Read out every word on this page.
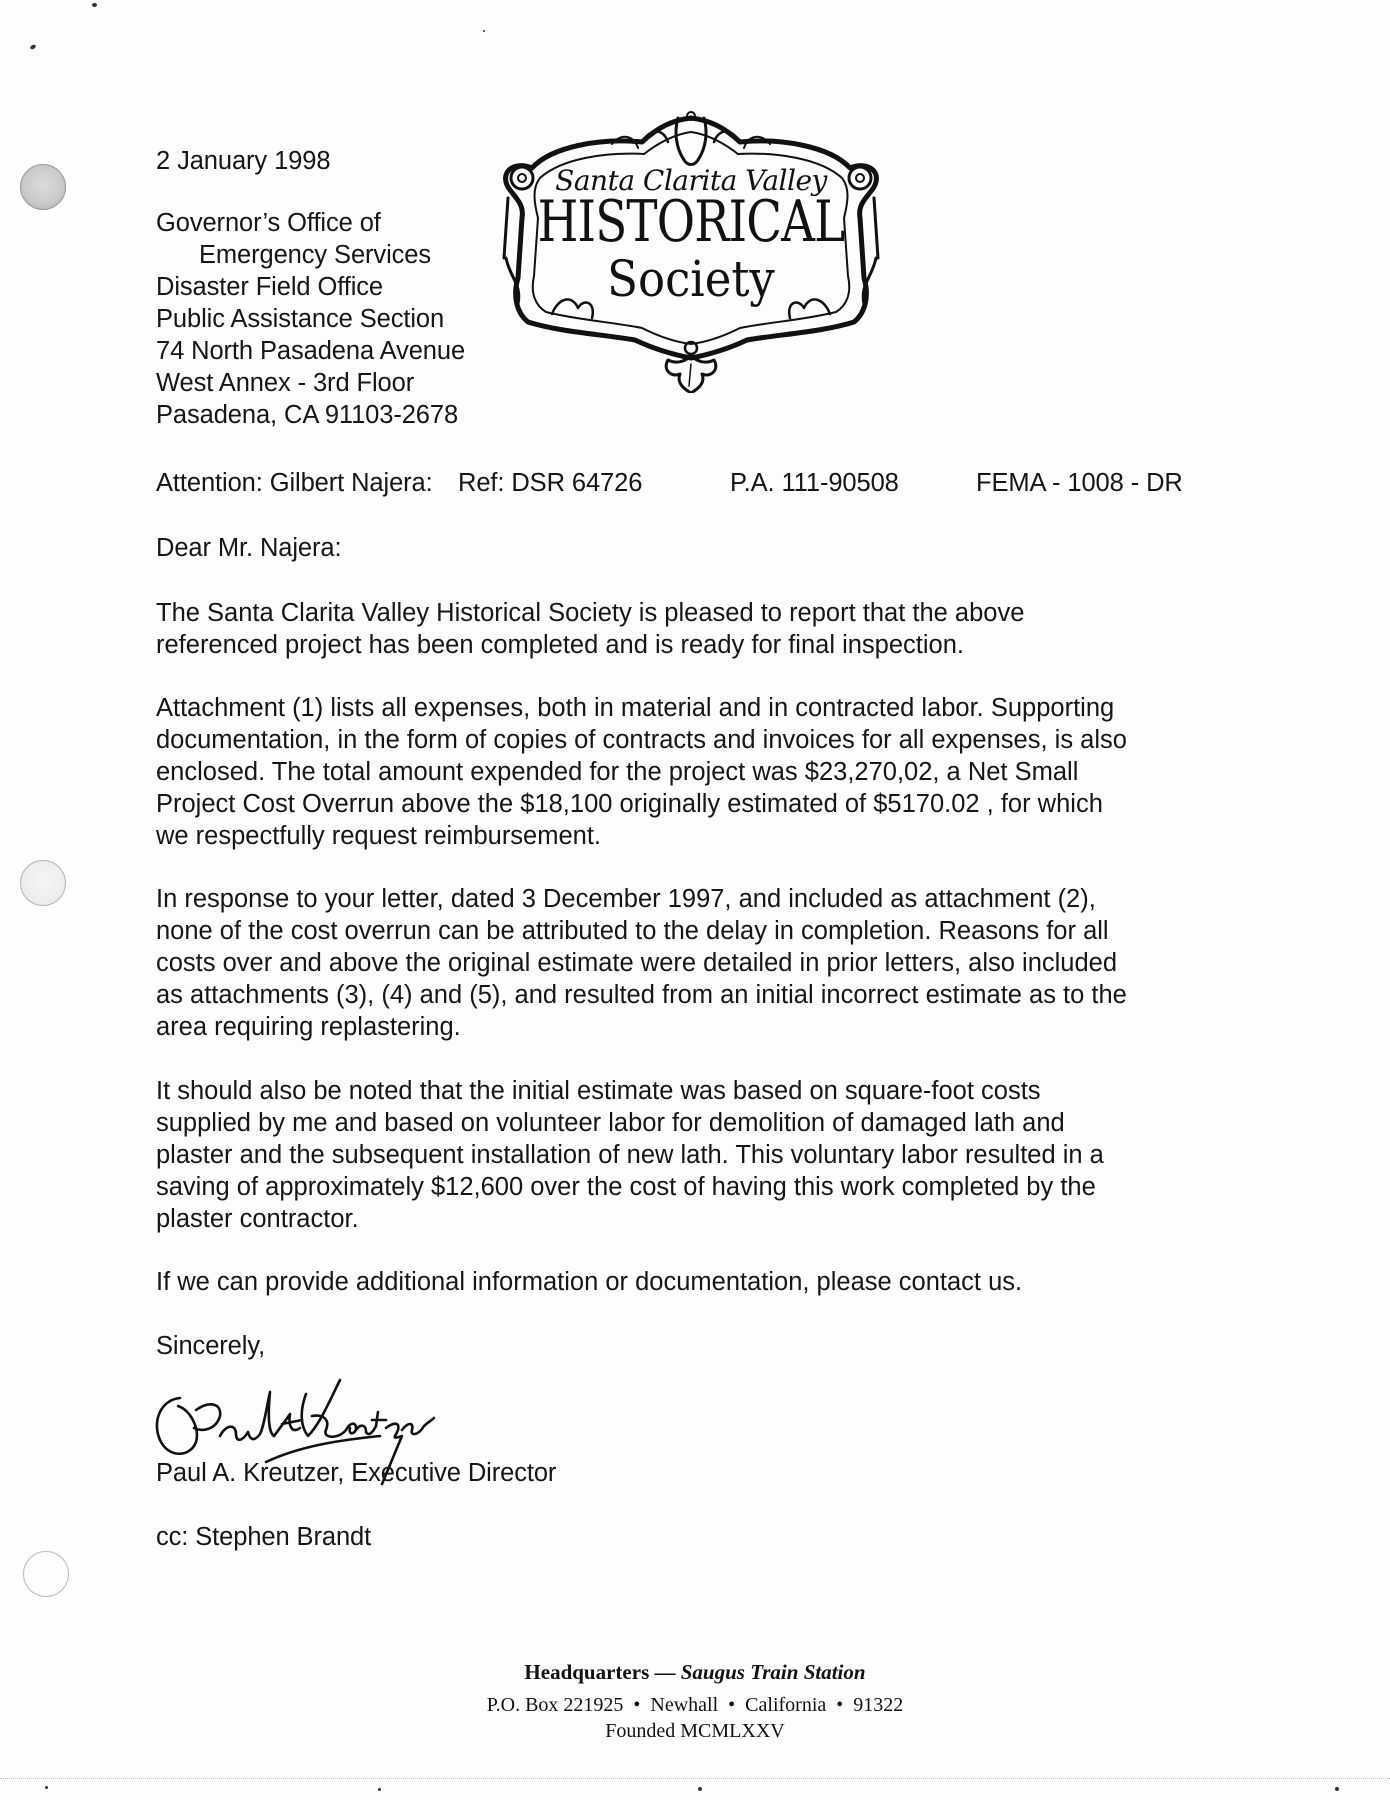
2 January 1998
Governor’s Office of
Emergency Services
Disaster Field Office
Public Assistance Section
74 North Pasadena Avenue
West Annex - 3rd Floor
Pasadena, CA 91103-2678
Santa Clarita Valley
HISTORICAL
Society
Attention: Gilbert Najera: Ref: DSR 64726	P.A. 111-90508	FEMA - 1008 - DR
Dear Mr. Najera:
The Santa Clarita Valley Historical Society is pleased to report that the above
referenced project has been completed and is ready for final inspection.
Attachment (1) lists all expenses, both in material and in contracted labor. Supporting
documentation, in the form of copies of contracts and invoices for all expenses, is also
enclosed. The total amount expended for the project was $23,270,02, a Net Small
Project Cost Overrun above the $18,100 originally estimated of $5170.02 , for which
we respectfully request reimbursement.
In response to your letter, dated 3 December 1997, and included as attachment (2),
none of the cost overrun can be attributed to the delay in completion. Reasons for all
costs over and above the original estimate were detailed in prior letters, also included
as attachments (3), (4) and (5), and resulted from an initial incorrect estimate as to the
area requiring replastering.
It should also be noted that the initial estimate was based on square-foot costs
supplied by me and based on volunteer labor for demolition of damaged lath and
plaster and the subsequent installation of new lath. This voluntary labor resulted in a
saving of approximately $12,600 over the cost of having this work completed by the
plaster contractor.
If we can provide additional information or documentation, please contact us.
Sincerely,
Paul A. Kreutzer, Executive Director
cc: Stephen Brandt
Headquarters — Saugus Train Station
P.O. Box 221925  •  Newhall  •  California  •  91322
Founded MCMLXXV
